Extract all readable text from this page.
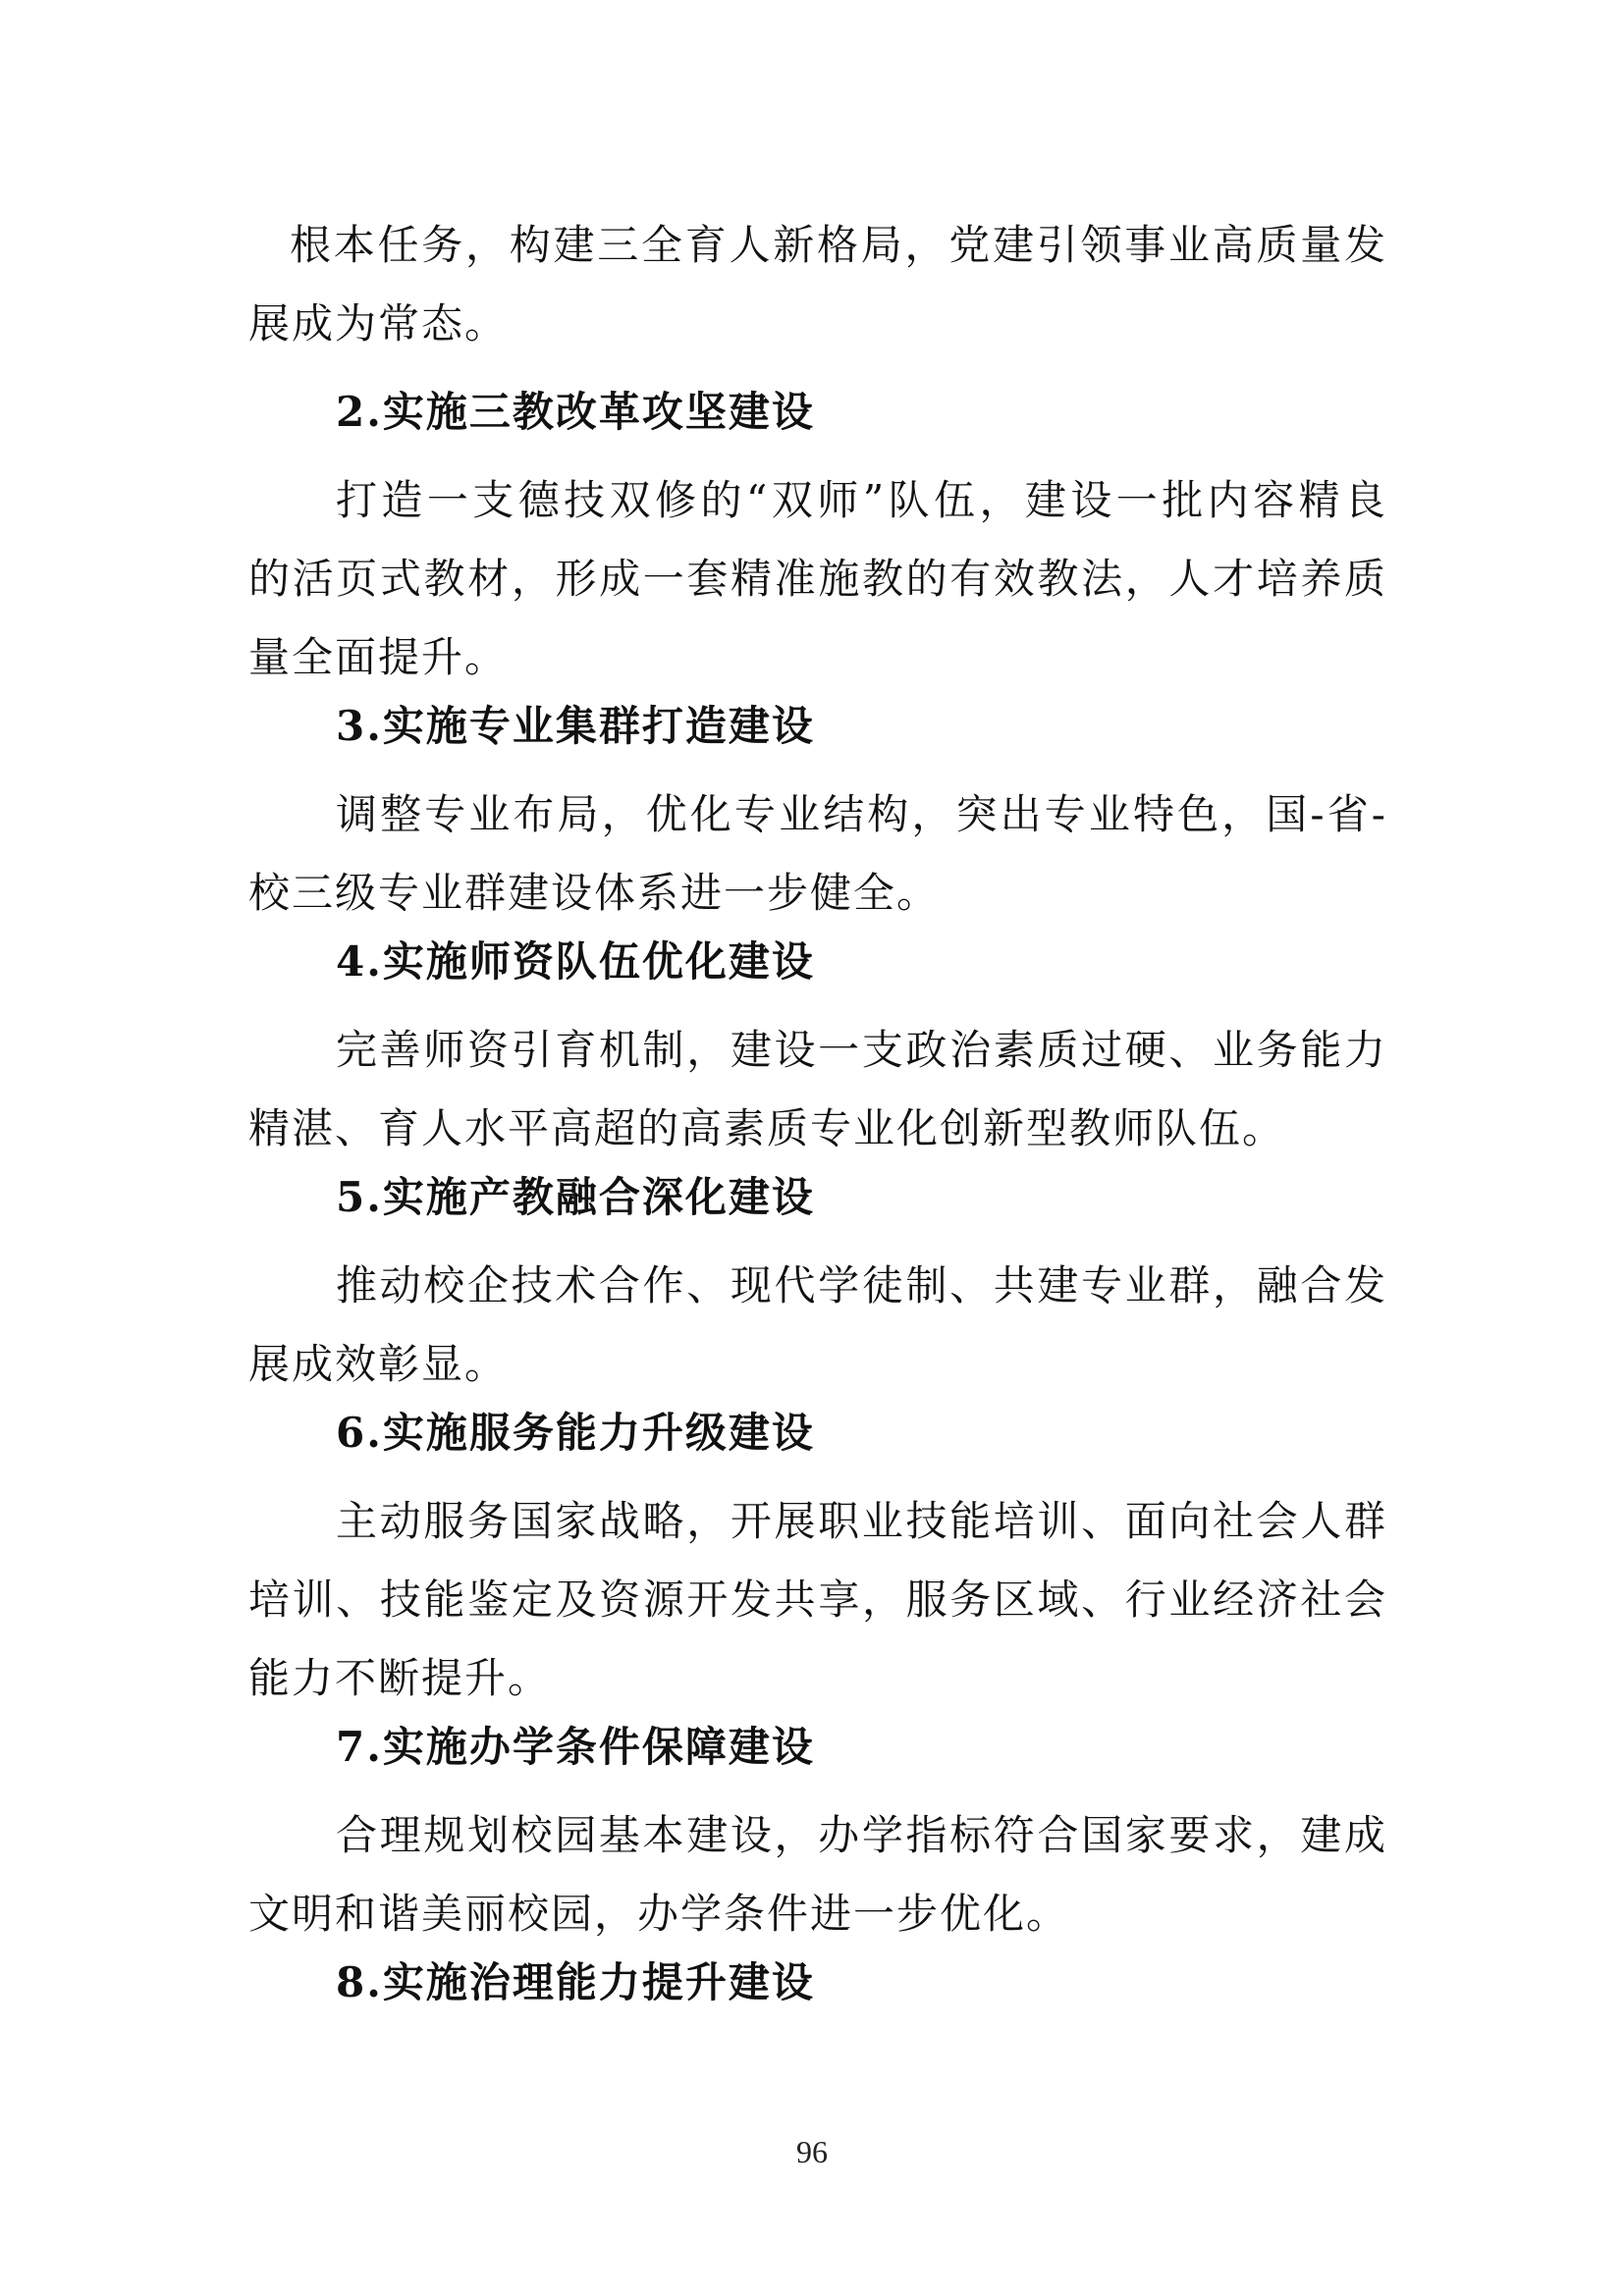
根本任务，构建三全育人新格局，党建引领事业高质量发
展成为常态。
2.实施三教改革攻坚建设
打造一支德技双修的“双师”队伍，建设一批内容精良
的活页式教材，形成一套精准施教的有效教法，人才培养质
量全面提升。
3.实施专业集群打造建设
调整专业布局，优化专业结构，突出专业特色，国-省-
校三级专业群建设体系进一步健全。
4.实施师资队伍优化建设
完善师资引育机制，建设一支政治素质过硬、业务能力
精湛、育人水平高超的高素质专业化创新型教师队伍。
5.实施产教融合深化建设
推动校企技术合作、现代学徒制、共建专业群，融合发
展成效彰显。
6.实施服务能力升级建设
主动服务国家战略，开展职业技能培训、面向社会人群
培训、技能鉴定及资源开发共享，服务区域、行业经济社会
能力不断提升。
7.实施办学条件保障建设
合理规划校园基本建设，办学指标符合国家要求，建成
文明和谐美丽校园，办学条件进一步优化。
8.实施治理能力提升建设
96
